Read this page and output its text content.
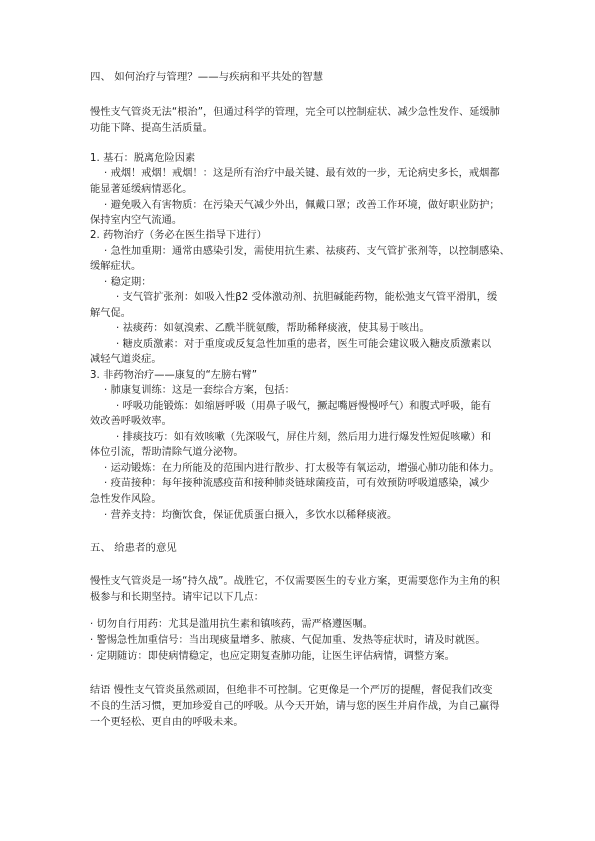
四、 如何治疗与管理？——与疾病和平共处的智慧
慢性支气管炎无法“根治”，但通过科学的管理，完全可以控制症状、减少急性发作、延缓肺
功能下降、提高生活质量。
1. 基石：脱离危险因素
· 戒烟！戒烟！戒烟！：这是所有治疗中最关键、最有效的一步，无论病史多长，戒烟都
能显著延缓病情恶化。
· 避免吸入有害物质：在污染天气减少外出，佩戴口罩；改善工作环境，做好职业防护；
保持室内空气流通。
2. 药物治疗（务必在医生指导下进行）
· 急性加重期：通常由感染引发，需使用抗生素、祛痰药、支气管扩张剂等，以控制感染、
缓解症状。
· 稳定期：
· 支气管扩张剂：如吸入性β2 受体激动剂、抗胆碱能药物，能松弛支气管平滑肌，缓
解气促。
· 祛痰药：如氨溴索、乙酰半胱氨酸，帮助稀释痰液，使其易于咳出。
· 糖皮质激素：对于重度或反复急性加重的患者，医生可能会建议吸入糖皮质激素以
减轻气道炎症。
3. 非药物治疗——康复的“左膀右臂”
· 肺康复训练：这是一套综合方案，包括：
· 呼吸功能锻炼：如缩唇呼吸（用鼻子吸气，撅起嘴唇慢慢呼气）和腹式呼吸，能有
效改善呼吸效率。
· 排痰技巧：如有效咳嗽（先深吸气，屏住片刻，然后用力进行爆发性短促咳嗽）和
体位引流，帮助清除气道分泌物。
· 运动锻炼：在力所能及的范围内进行散步、打太极等有氧运动，增强心肺功能和体力。
· 疫苗接种：每年接种流感疫苗和接种肺炎链球菌疫苗，可有效预防呼吸道感染，减少
急性发作风险。
· 营养支持：均衡饮食，保证优质蛋白摄入，多饮水以稀释痰液。
五、 给患者的意见
慢性支气管炎是一场“持久战”。战胜它，不仅需要医生的专业方案，更需要您作为主角的积
极参与和长期坚持。请牢记以下几点：
· 切勿自行用药：尤其是滥用抗生素和镇咳药，需严格遵医嘱。
· 警惕急性加重信号：当出现痰量增多、脓痰、气促加重、发热等症状时，请及时就医。
· 定期随访：即使病情稳定，也应定期复查肺功能，让医生评估病情，调整方案。
结语 慢性支气管炎虽然顽固，但绝非不可控制。它更像是一个严厉的提醒，督促我们改变
不良的生活习惯，更加珍爱自己的呼吸。从今天开始，请与您的医生并肩作战，为自己赢得
一个更轻松、更自由的呼吸未来。
